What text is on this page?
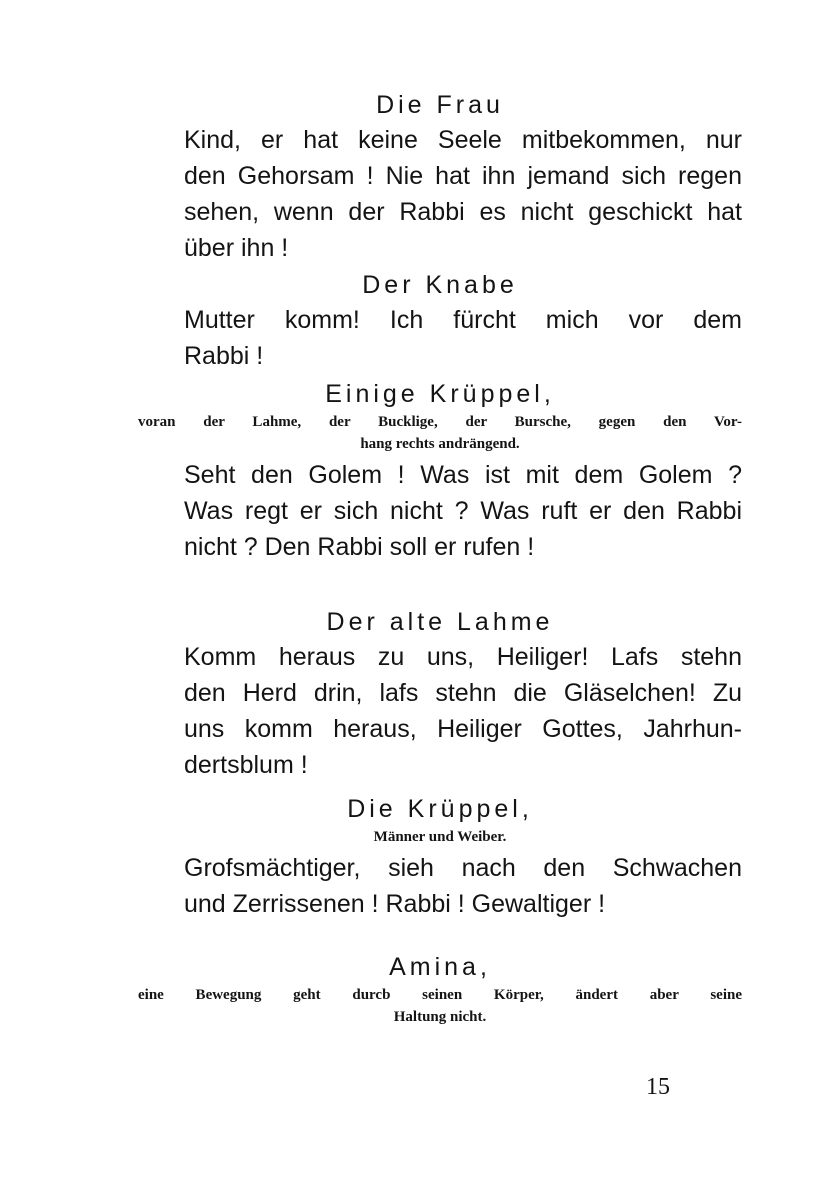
Die Frau

Kind, er hat keine Seele mitbekommen, nur
den Gehorsam ! Nie hat ihn jemand sich regen
sehen, wenn der Rabbi es nicht geschickt hat
über ihn !

Der Knabe

Mutter komm! Ich fürcht mich vor dem
Rabbi !

Einige Krüppel,

voran der Lahme, der Bucklige, der Bursche, gegen den Vor-

hang rechts andrängend.

Seht den Golem ! Was ist mit dem Golem ?
Was regt er sich nicht ? Was ruft er den Rabbi
nicht ? Den Rabbi soll er rufen !

Der alte Lahme

Komm heraus zu uns, Heiliger! Lafs stehn
den Herd drin, lafs stehn die Gläselchen! Zu
uns komm heraus, Heiliger Gottes, Jahrhun-
dertsblum !

Die Krüppel,

Männer und Weiber.

Grofsmächtiger, sieh nach den Schwachen
und Zerrissenen ! Rabbi ! Gewaltiger !

Amina,

eine Bewegung geht durcb seinen Körper, ändert aber seine

Haltung nicht.

15
